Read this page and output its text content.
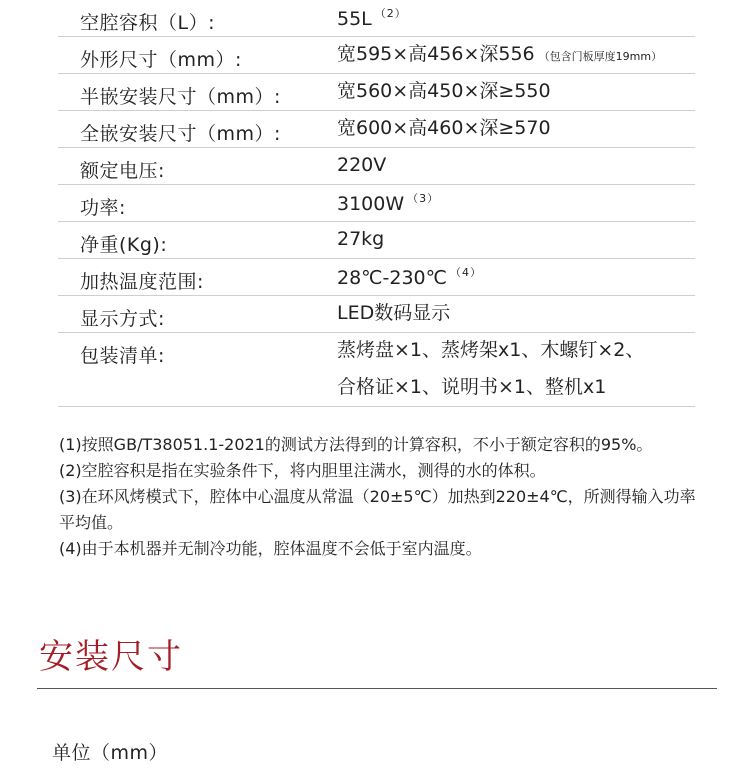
空腔容积（L）:	55L $^{(2)}$
外形尺寸（mm）:	宽595×高456×深556 （包含门板厚度19mm）
半嵌安装尺寸（mm）:	宽560×高450×深≥550
全嵌安装尺寸（mm）:	宽600×高460×深≥570
额定电压:	220V
功率:	3100W $^{(3)}$
净重(Kg):	27kg
加热温度范围:	28℃-230℃ $^{(4)}$
显示方式:	LED数码显示
包装清单:	蒸烤盘×1、蒸烤架x1、木螺钉×2、
合格证×1、说明书×1、整机x1

(1)按照GB/T38051.1-2021的测试方法得到的计算容积，不小于额定容积的95%。

(2)空腔容积是指在实验条件下，将内胆里注满水，测得的水的体积。

(3)在环风烤模式下，腔体中心温度从常温（20±5℃）加热到220±4℃，所测得输入功率平均值。

(4)由于本机器并无制冷功能，腔体温度不会低于室内温度。

安装尺寸
单位（mm）
